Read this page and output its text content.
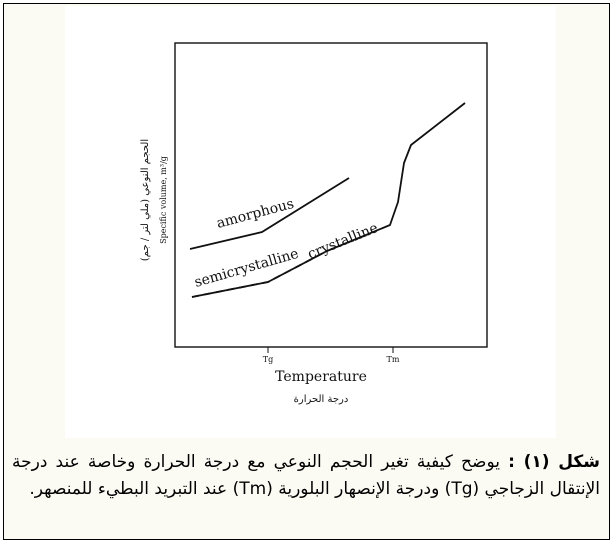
amorphous
crystalline
semicrystalline
Specific volume, m³/g
الحجم النوعي (ملي لتر / جم)
Tg	Tm
Temperature
درجة الحرارة
شكل (١) : يوضح كيفية تغير الحجم النوعي مع درجة الحرارة وخاصة عند درجة الإنتقال الزجاجي (Tg) ودرجة الإنصهار البلورية (Tm) عند التبريد البطيء للمنصهر.
